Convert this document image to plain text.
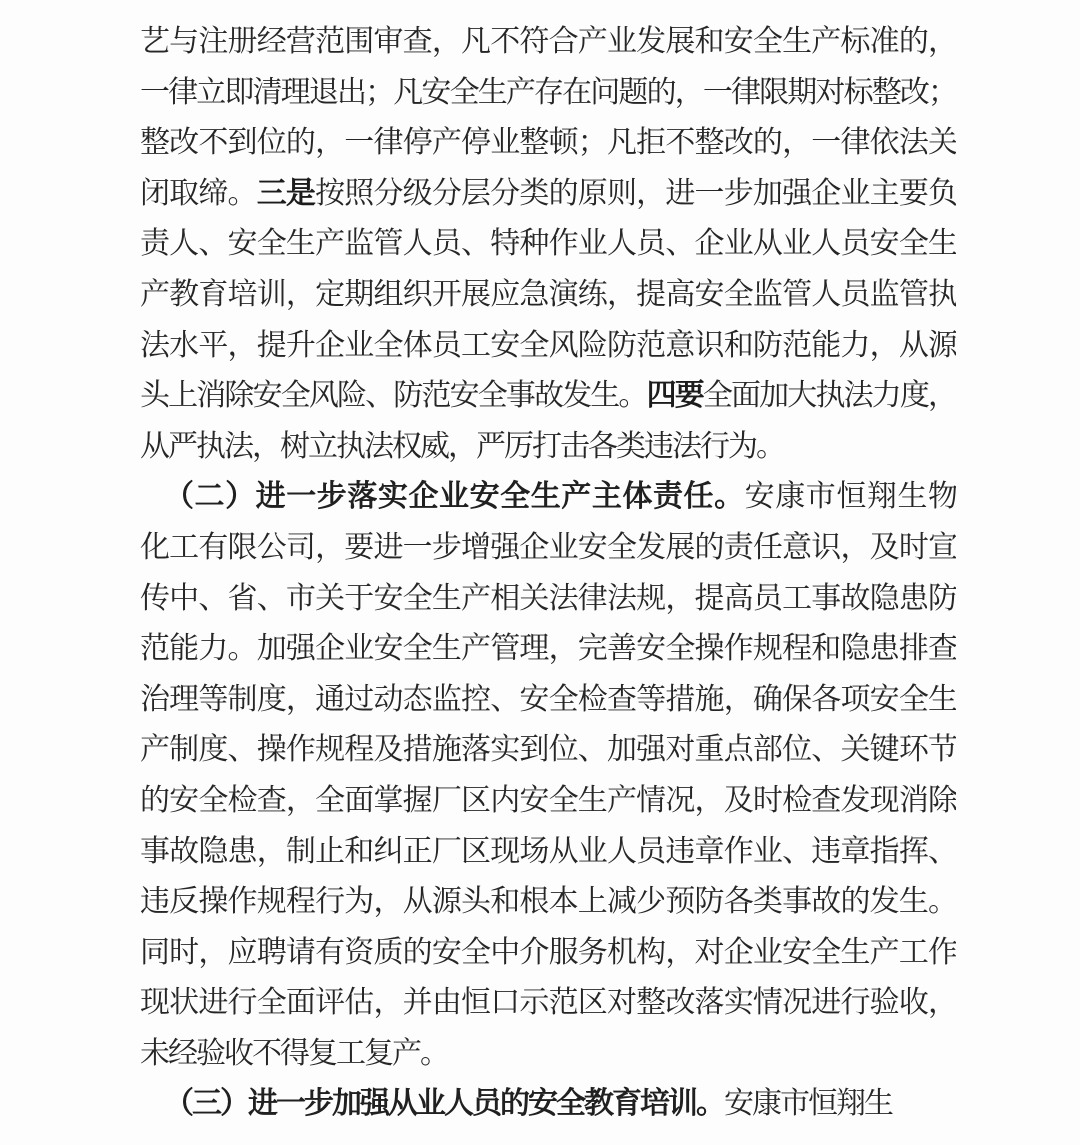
艺与注册经营范围审查，凡不符合产业发展和安全生产标准的，
一律立即清理退出；凡安全生产存在问题的，一律限期对标整改；
整改不到位的，一律停产停业整顿；凡拒不整改的，一律依法关
闭取缔。三是按照分级分层分类的原则，进一步加强企业主要负
责人、安全生产监管人员、特种作业人员、企业从业人员安全生
产教育培训，定期组织开展应急演练，提高安全监管人员监管执
法水平，提升企业全体员工安全风险防范意识和防范能力，从源
头上消除安全风险、防范安全事故发生。四要全面加大执法力度，
从严执法，树立执法权威，严厉打击各类违法行为。
（二）进一步落实企业安全生产主体责任。安康市恒翔生物
化工有限公司，要进一步增强企业安全发展的责任意识，及时宣
传中、省、市关于安全生产相关法律法规，提高员工事故隐患防
范能力。加强企业安全生产管理，完善安全操作规程和隐患排查
治理等制度，通过动态监控、安全检查等措施，确保各项安全生
产制度、操作规程及措施落实到位、加强对重点部位、关键环节
的安全检查，全面掌握厂区内安全生产情况，及时检查发现消除
事故隐患，制止和纠正厂区现场从业人员违章作业、违章指挥、
违反操作规程行为，从源头和根本上减少预防各类事故的发生。
同时，应聘请有资质的安全中介服务机构，对企业安全生产工作
现状进行全面评估，并由恒口示范区对整改落实情况进行验收，
未经验收不得复工复产。
（三）进一步加强从业人员的安全教育培训。安康市恒翔生
